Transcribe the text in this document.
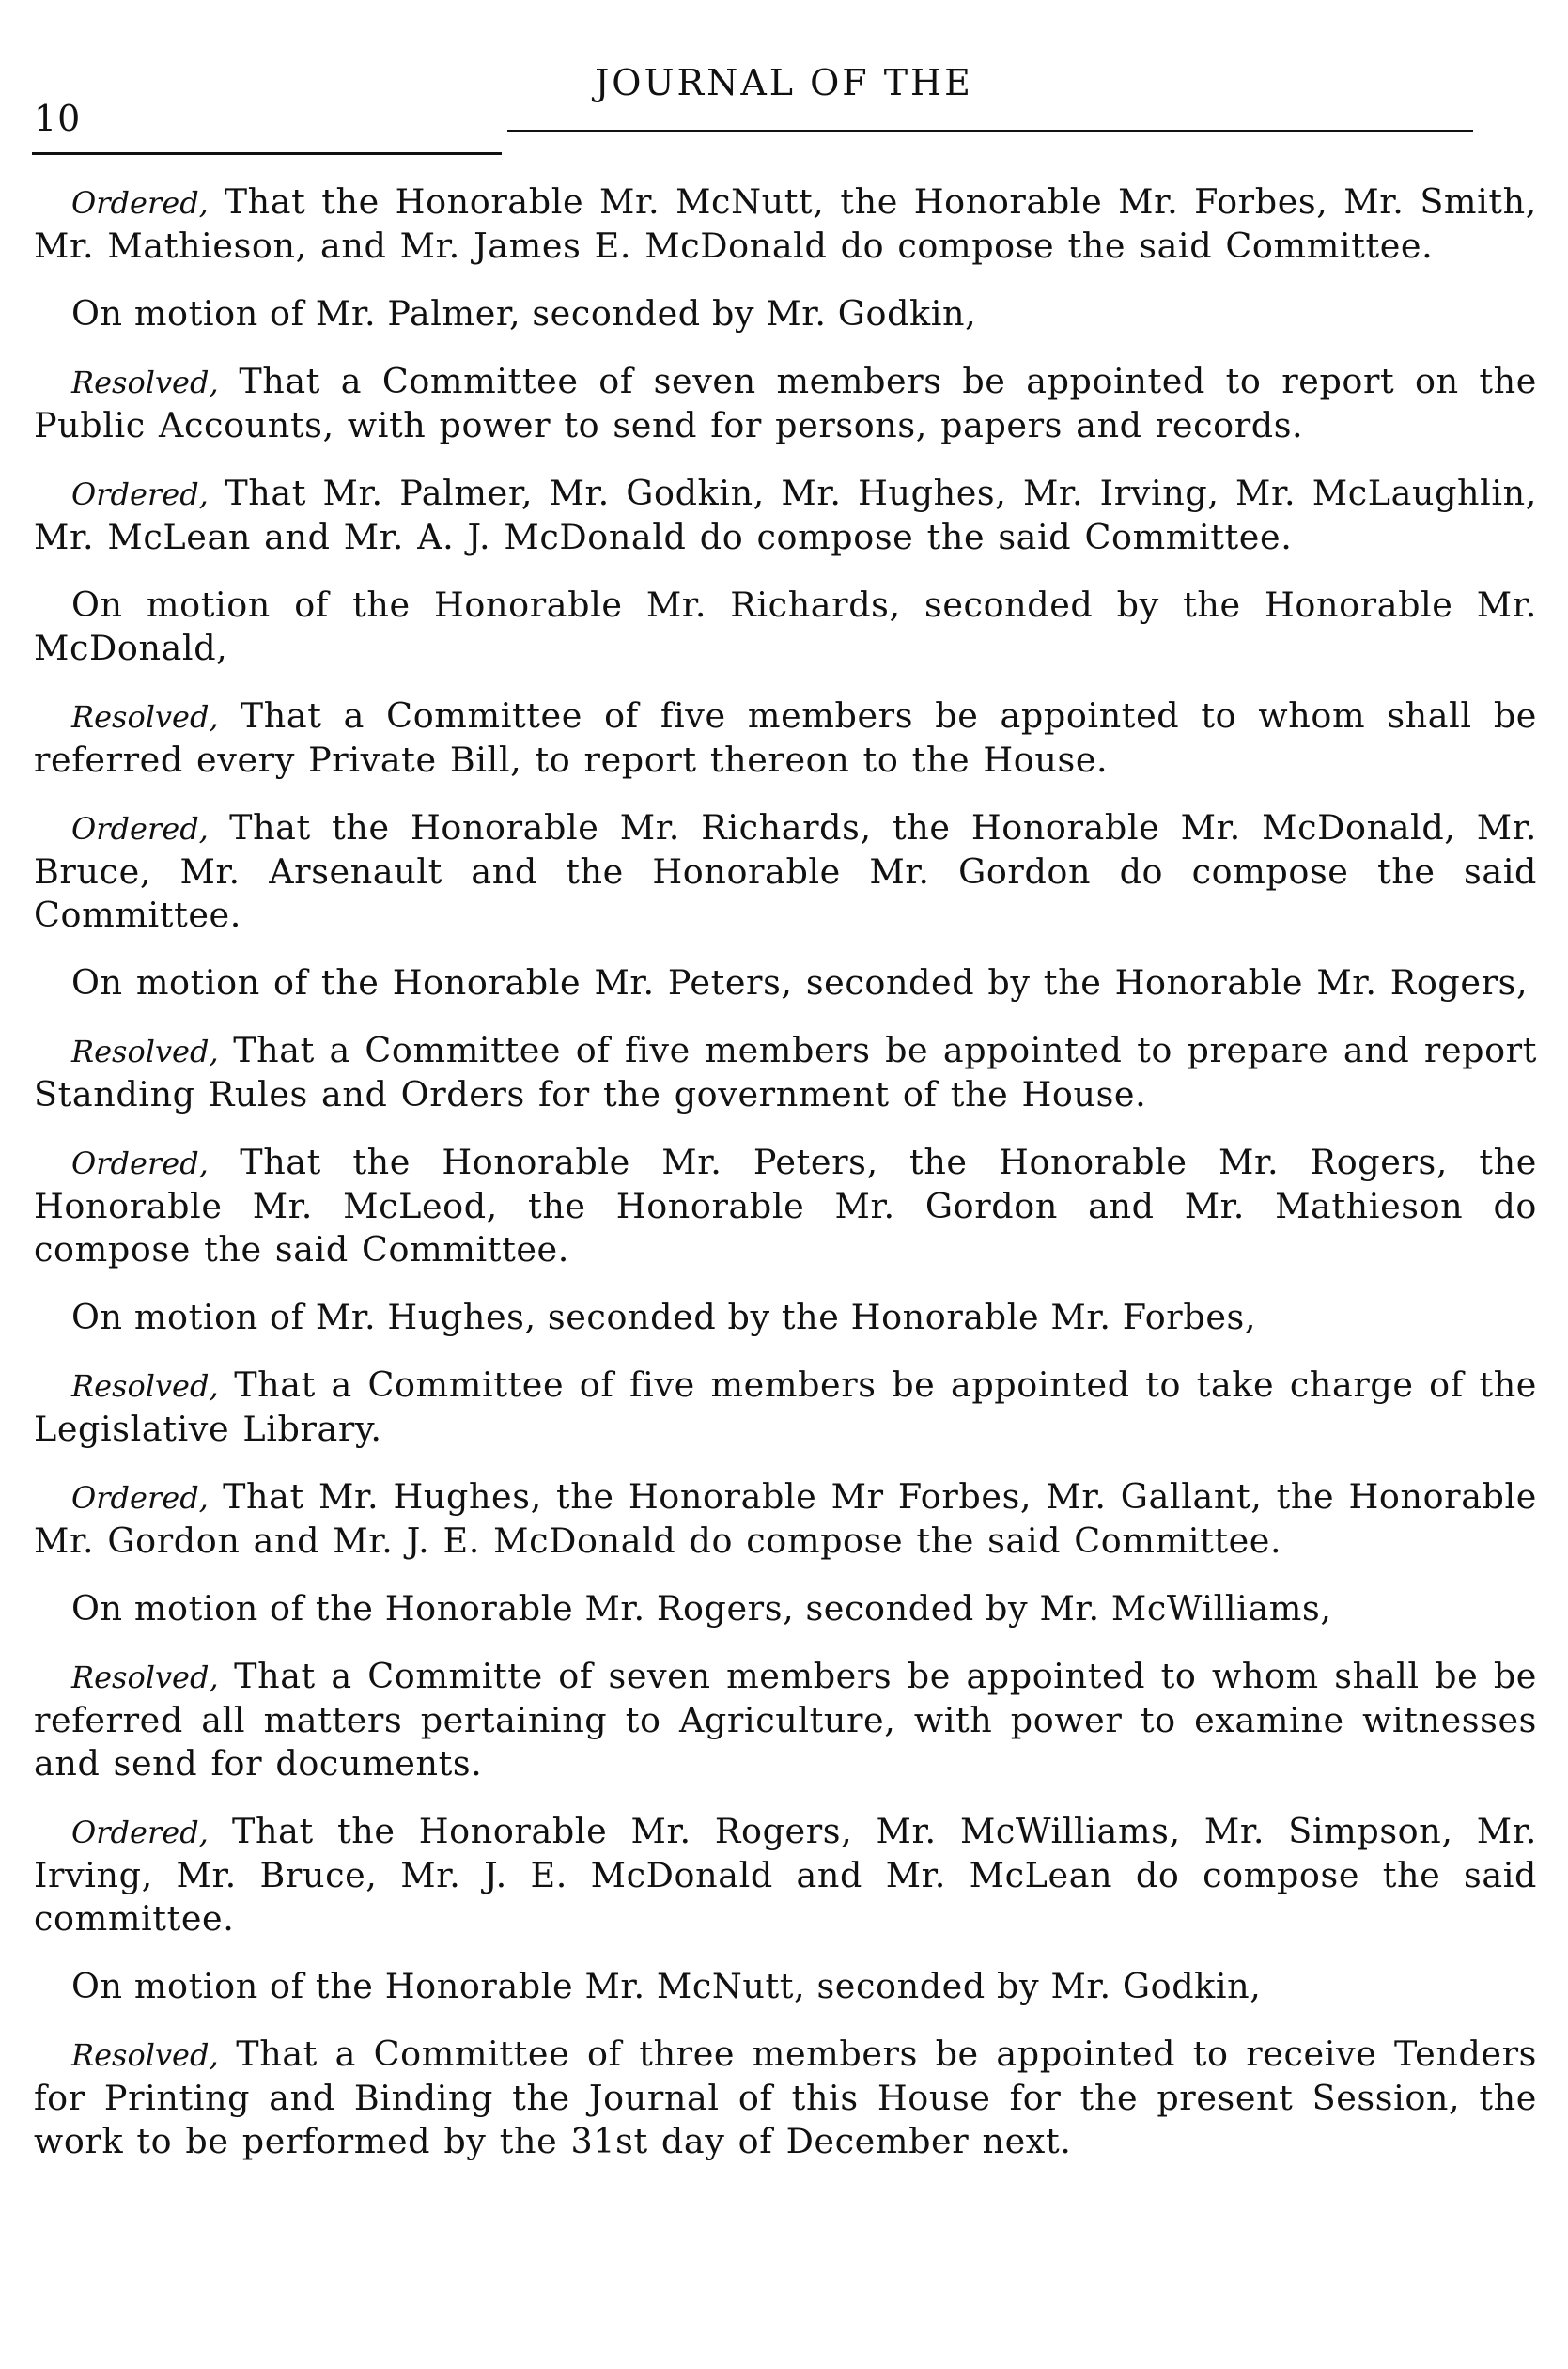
10
JOURNAL OF THE

Ordered, That the Honorable Mr. McNutt, the Honorable Mr. Forbes, Mr. Smith, Mr. Mathieson, and Mr. James E. McDonald do compose the said Committee.

On motion of Mr. Palmer, seconded by Mr. Godkin,

Resolved, That a Committee of seven members be appointed to report on the Public Accounts, with power to send for persons, papers and records.

Ordered, That Mr. Palmer, Mr. Godkin, Mr. Hughes, Mr. Irving, Mr. McLaughlin, Mr. McLean and Mr. A. J. McDonald do compose the said Committee.

On motion of the Honorable Mr. Richards, seconded by the Honorable Mr. McDonald,

Resolved, That a Committee of five members be appointed to whom shall be referred every Private Bill, to report thereon to the House.

Ordered, That the Honorable Mr. Richards, the Honorable Mr. McDonald, Mr. Bruce, Mr. Arsenault and the Honorable Mr. Gordon do compose the said Committee.

On motion of the Honorable Mr. Peters, seconded by the Honorable Mr. Rogers,

Resolved, That a Committee of five members be appointed to prepare and report Standing Rules and Orders for the government of the House.

Ordered, That the Honorable Mr. Peters, the Honorable Mr. Rogers, the Honorable Mr. McLeod, the Honorable Mr. Gordon and Mr. Mathieson do compose the said Committee.

On motion of Mr. Hughes, seconded by the Honorable Mr. Forbes,

Resolved, That a Committee of five members be appointed to take charge of the Legislative Library.

Ordered, That Mr. Hughes, the Honorable Mr Forbes, Mr. Gallant, the Honorable Mr. Gordon and Mr. J. E. McDonald do compose the said Committee.

On motion of the Honorable Mr. Rogers, seconded by Mr. McWilliams,

Resolved, That a Committe of seven members be appointed to whom shall be be referred all matters pertaining to Agriculture, with power to examine witnesses and send for documents.

Ordered, That the Honorable Mr. Rogers, Mr. McWilliams, Mr. Simpson, Mr. Irving, Mr. Bruce, Mr. J. E. McDonald and Mr. McLean do compose the said committee.

On motion of the Honorable Mr. McNutt, seconded by Mr. Godkin,

Resolved, That a Committee of three members be appointed to receive Tenders for Printing and Binding the Journal of this House for the present Session, the work to be performed by the 31st day of December next.
